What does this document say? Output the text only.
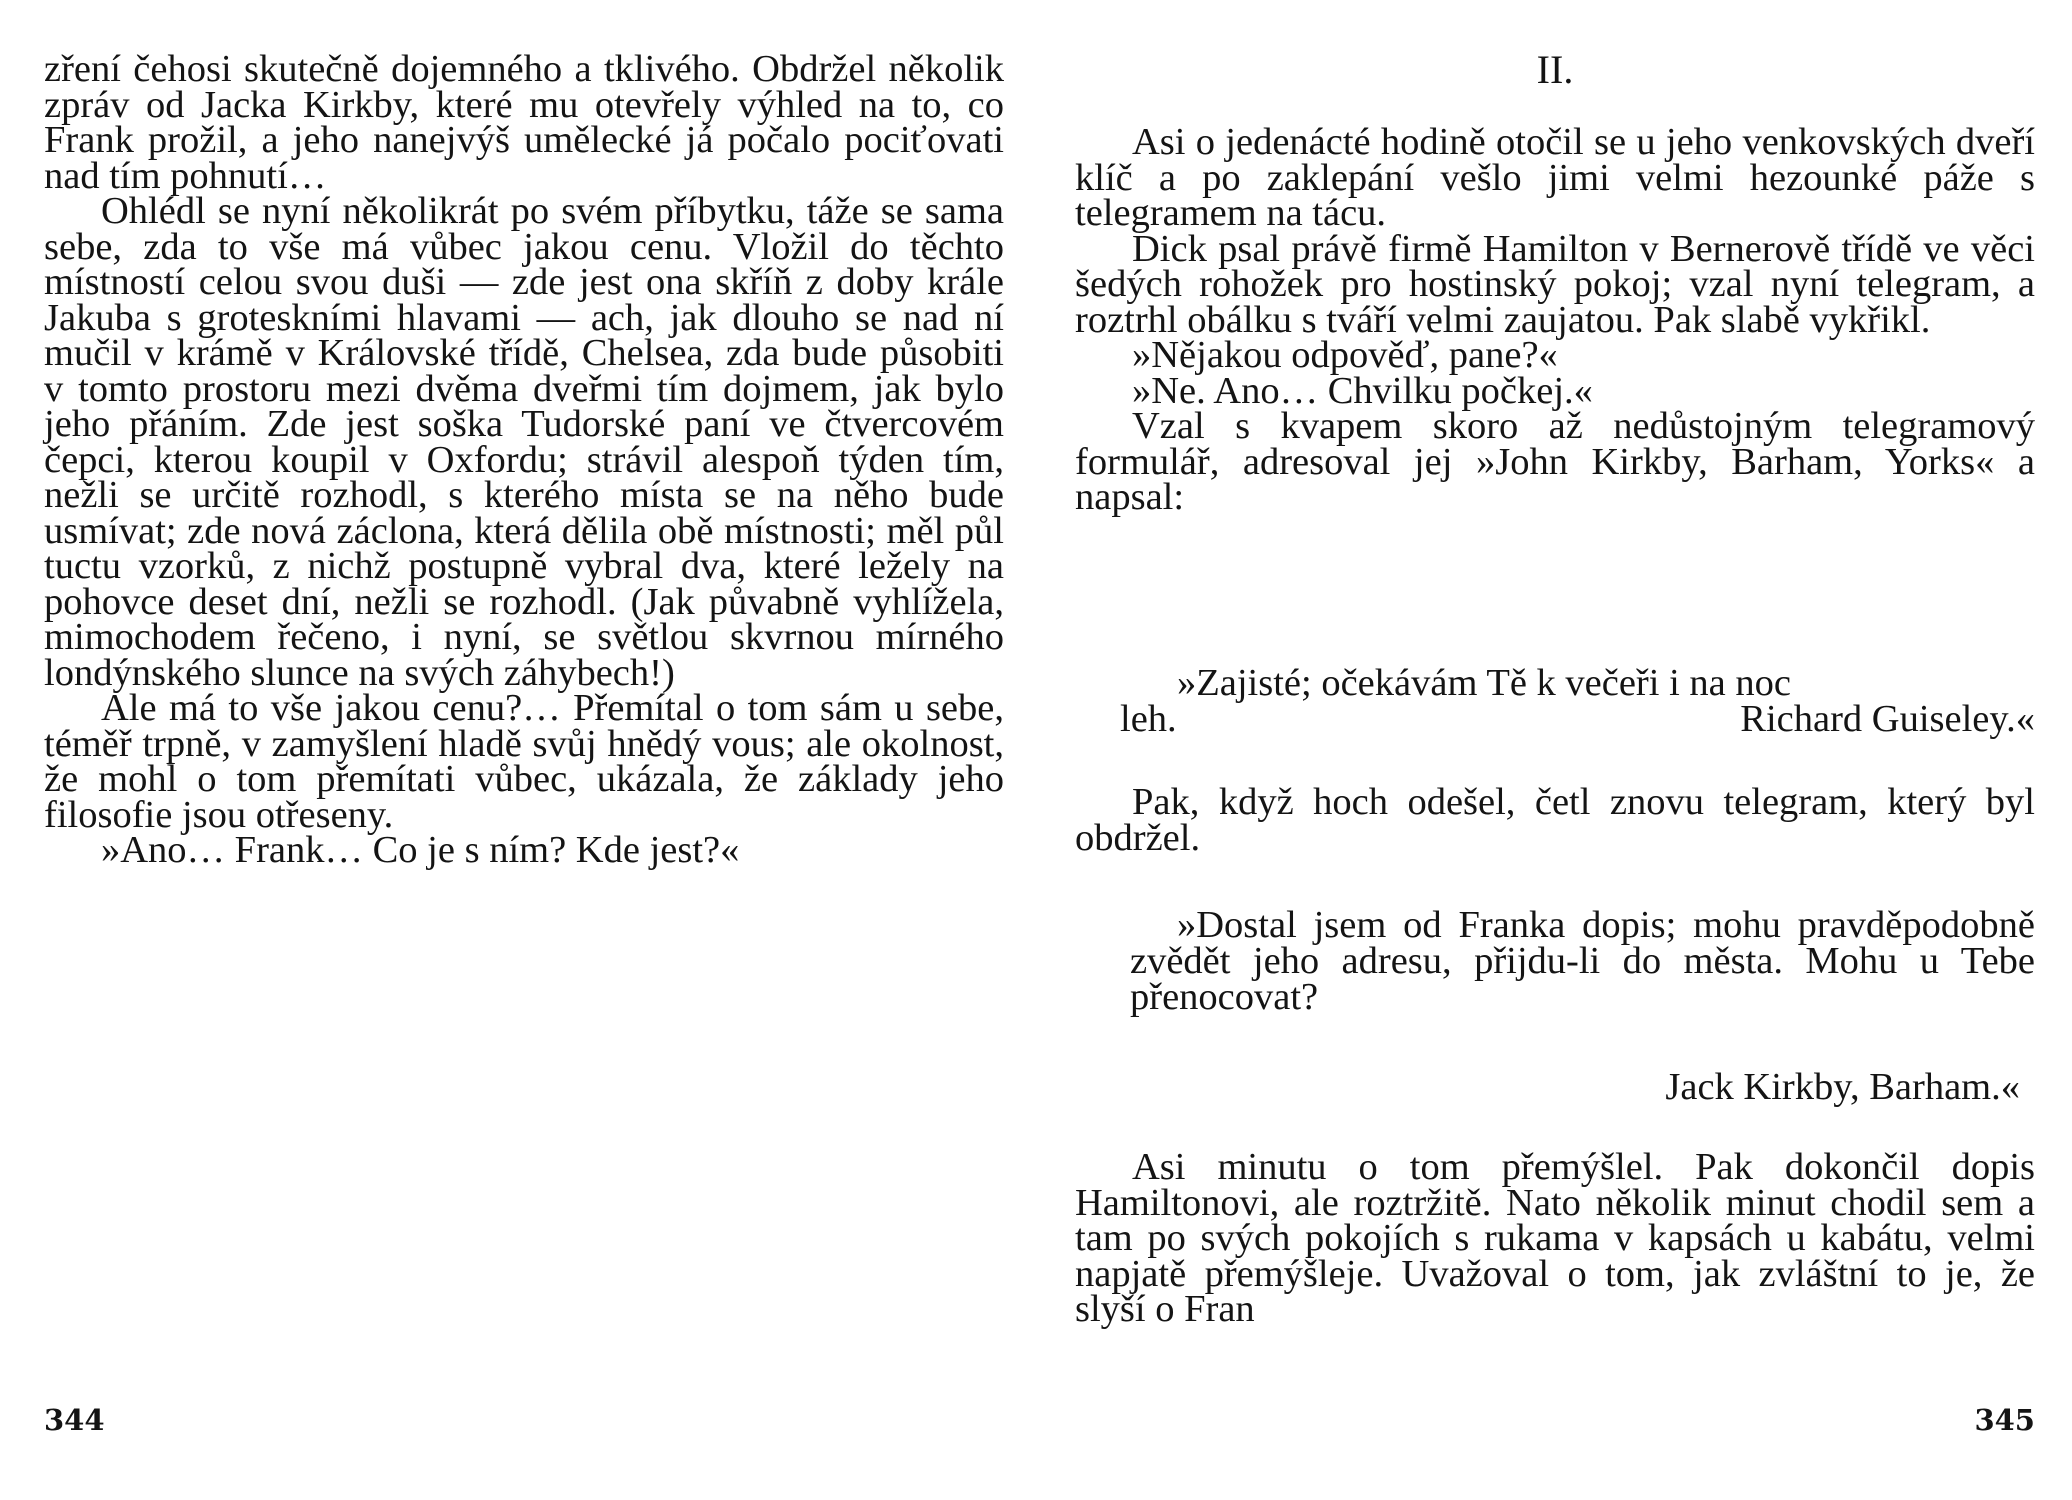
zření čehosi skutečně dojemného a tklivého. Obdržel několik zpráv od Jacka Kirkby, které mu otevřely výhled na to, co Frank prožil, a jeho nanejvýš umělecké já počalo pociťovati nad tím pohnutí…

Ohlédl se nyní několikrát po svém příbytku, táže se sama sebe, zda to vše má vůbec jakou cenu. Vložil do těchto místností celou svou duši — zde jest ona skříň z doby krále Jakuba s groteskními hlavami — ach, jak dlouho se nad ní mučil v krámě v Královské třídě, Chelsea, zda bude působiti v tomto prostoru mezi dvěma dveřmi tím dojmem, jak bylo jeho přáním. Zde jest soška Tudorské paní ve čtvercovém čepci, kterou koupil v Oxfordu; strávil alespoň týden tím, nežli se určitě rozhodl, s kterého místa se na něho bude usmívat; zde nová záclona, která dělila obě místnosti; měl půl tuctu vzorků, z nichž postupně vybral dva, které ležely na pohovce deset dní, nežli se rozhodl. (Jak půvabně vyhlížela, mimochodem řečeno, i nyní, se světlou skvrnou mírného londýnského slunce na svých záhybech!)

Ale má to vše jakou cenu?… Přemítal o tom sám u sebe, téměř trpně, v zamyšlení hladě svůj hnědý vous; ale okolnost, že mohl o tom přemítati vůbec, ukázala, že základy jeho filosofie jsou otřeseny.

»Ano… Frank… Co je s ním? Kde jest?«

344
II.

Asi o jedenácté hodině otočil se u jeho venkovských dveří klíč a po zaklepání vešlo jimi velmi hezounké páže s telegramem na tácu.

Dick psal právě firmě Hamilton v Bernerově třídě ve věci šedých rohožek pro hostinský pokoj; vzal nyní telegram, a roztrhl obálku s tváří velmi zaujatou. Pak slabě vykřikl.

»Nějakou odpověď, pane?«

»Ne. Ano… Chvilku počkej.«

Vzal s kvapem skoro až nedůstojným telegramový formulář, adresoval jej »John Kirkby, Barham, Yorks« a napsal:

»Zajisté; očekávám Tě k večeři i na noc
leh.	Richard Guiseley.«

Pak, když hoch odešel, četl znovu telegram, který byl obdržel.

»Dostal jsem od Franka dopis; mohu pravděpodobně zvědět jeho adresu, přijdu-li do města. Mohu u Tebe přenocovat?
Jack Kirkby, Barham.«

Asi minutu o tom přemýšlel. Pak dokončil dopis Hamiltonovi, ale roztržitě. Nato několik minut chodil sem a tam po svých pokojích s rukama v kapsách u kabátu, velmi napjatě přemýšleje. Uvažoval o tom, jak zvláštní to je, že slyší o Fran

345
